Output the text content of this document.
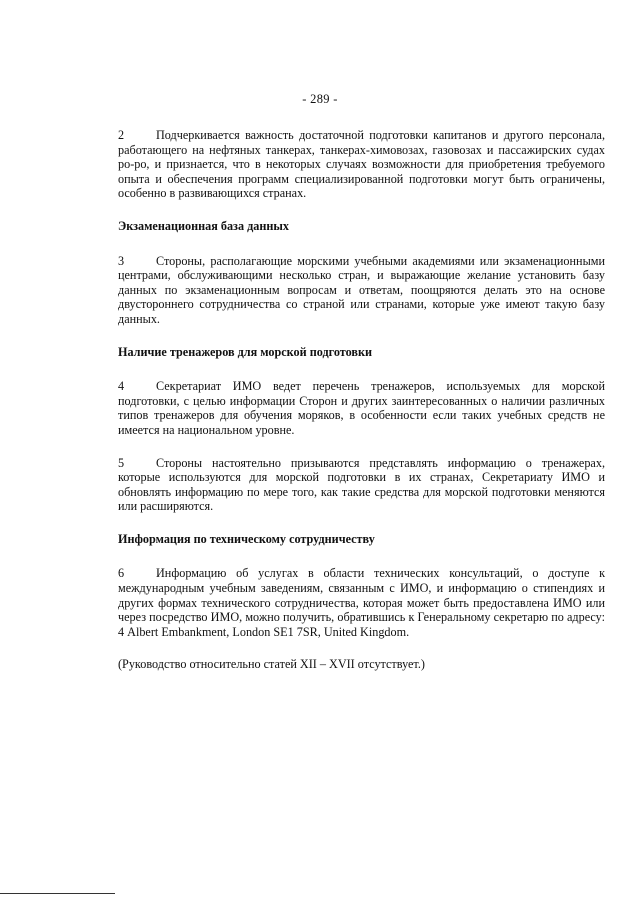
- 289 -

2	Подчеркивается важность достаточной подготовки капитанов и другого персонала, работающего на нефтяных танкерах, танкерах-химовозах, газовозах и пассажирских судах ро-ро, и признается, что в некоторых случаях возможности для приобретения требуемого опыта и обеспечения программ специализированной подготовки могут быть ограничены, особенно в развивающихся странах.

Экзаменационная база данных

3	Стороны, располагающие морскими учебными академиями или экзаменационными центрами, обслуживающими несколько стран, и выражающие желание установить базу данных по экзаменационным вопросам и ответам, поощряются делать это на основе двустороннего сотрудничества со страной или странами, которые уже имеют такую базу данных.

Наличие тренажеров для морской подготовки

4	Секретариат ИМО ведет перечень тренажеров, используемых для морской подготовки, с целью информации Сторон и других заинтересованных о наличии различных типов тренажеров для обучения моряков, в особенности если таких учебных средств не имеется на национальном уровне.

5	Стороны настоятельно призываются представлять информацию о тренажерах, которые используются для морской подготовки в их странах, Секретариату ИМО и обновлять информацию по мере того, как такие средства для морской подготовки меняются или расширяются.

Информация по техническому сотрудничеству

6	Информацию об услугах в области технических консультаций, о доступе к международным учебным заведениям, связанным с ИМО, и информацию о стипендиях и других формах технического сотрудничества, которая может быть предоставлена ИМО или через посредство ИМО, можно получить, обратившись к Генеральному секретарю по адресу: 4 Albert Embankment, London SE1 7SR, United Kingdom.

(Руководство относительно статей XII – XVII отсутствует.)
